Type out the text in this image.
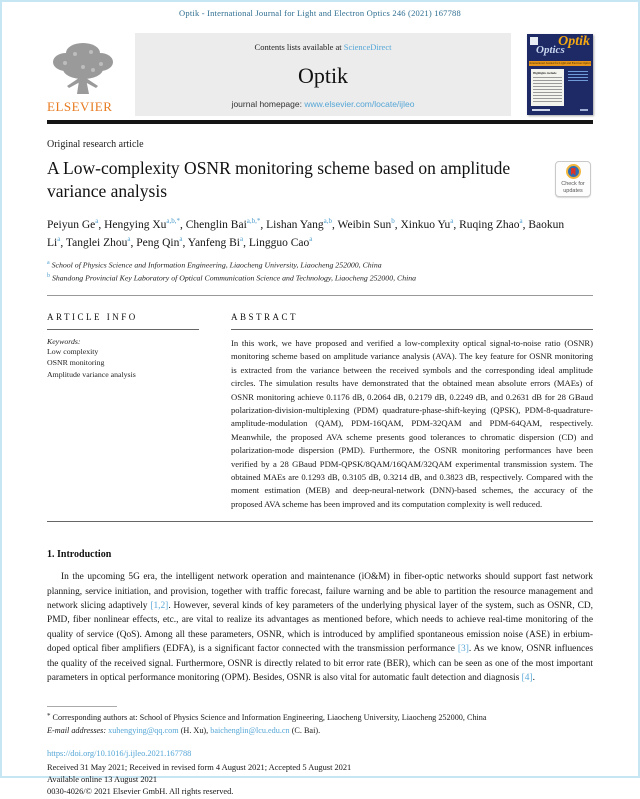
Optik - International Journal for Light and Electron Optics 246 (2021) 167788
ELSEVIER
Contents lists available at ScienceDirect
Optik
journal homepage: www.elsevier.com/locate/ijleo
Optik
Optics
International Journal for Light and Electron Optics
Highlights include
Original research article
A Low-complexity OSNR monitoring scheme based on amplitude variance analysis	Check for
updates
Peiyun Ge$^a$, Hengying $Xu^{a,b,*}$, Chenglin Bai$^{a,b,*}$, Lishan Yang$^{a,b}$, Weibin Sun$^b$, Xinkuo Yu$^a$, Ruqing Zhao$^a$, Baokun Li$^a$, Tanglei Zhou$^a$, Peng Qin$^a$, Yanfeng Bi$^a$, Lingguo Cao$^a$
$^a$ School of Physics Science and Information Engineering, Liaocheng University, Liaocheng 252000, China
$^b$ Shandong Provincial Key Laboratory of Optical Communication Science and Technology, Liaocheng 252000, China
ARTICLE INFO
Keywords:
Low complexity
OSNR monitoring
Amplitude variance analysis
ABSTRACT
In this work, we have proposed and verified a low-complexity optical signal-to-noise ratio (OSNR) monitoring scheme based on amplitude variance analysis (AVA). The key feature for OSNR monitoring is extracted from the variance between the received symbols and the corresponding ideal amplitude circles. The simulation results have demonstrated that the obtained mean absolute errors (MAEs) of OSNR monitoring achieve 0.1176 dB, 0.2064 dB, 0.2179 dB, 0.2249 dB, and 0.2631 dB for 28 GBaud polarization-division-multiplexing (PDM) quadrature-phase-shift-keying (QPSK), PDM-8-quadrature-amplitude-modulation (QAM), PDM-16QAM, PDM-32QAM and PDM-64QAM, respectively. Meanwhile, the proposed AVA scheme presents good tolerances to chromatic dispersion (CD) and polarization-mode dispersion (PMD). Furthermore, the OSNR monitoring performances have been verified by a 28 GBaud PDM-QPSK/8QAM/16QAM/32QAM experimental transmission system. The obtained MAEs are 0.1293 dB, 0.3105 dB, 0.3214 dB, and 0.3823 dB, respectively. Compared with the moment estimation (MEB) and deep-neural-network (DNN)-based schemes, the accuracy of the proposed AVA scheme has been improved and its computation complexity is well reduced.
1. Introduction
In the upcoming 5G era, the intelligent network operation and maintenance (iO&M) in fiber-optic networks should support fast network planning, service initiation, and provision, together with traffic forecast, failure warning and be able to partition the resource management and network slicing adaptively [1,2]. However, several kinds of key parameters of the underlying physical layer of the system, such as OSNR, CD, PMD, fiber nonlinear effects, etc., are vital to realize its advantages as mentioned before, which needs to achieve real-time monitoring of the quality of service (QoS). Among all these parameters, OSNR, which is introduced by amplified spontaneous emission noise (ASE) in erbium-doped optical fiber amplifiers (EDFA), is a significant factor connected with the transmission performance [3]. As we know, OSNR influences the quality of the received signal. Furthermore, OSNR is directly related to bit error rate (BER), which can be seen as one of the most important parameters in optical performance monitoring (OPM). Besides, OSNR is also vital for automatic fault detection and diagnosis [4].
* Corresponding authors at: School of Physics Science and Information Engineering, Liaocheng University, Liaocheng 252000, China
E-mail addresses: xuhengying@qq.com (H. Xu), baichenglin@lcu.edu.cn (C. Bai).
https://doi.org/10.1016/j.ijleo.2021.167788
Received 31 May 2021; Received in revised form 4 August 2021; Accepted 5 August 2021
Available online 13 August 2021
0030-4026/© 2021 Elsevier GmbH. All rights reserved.
